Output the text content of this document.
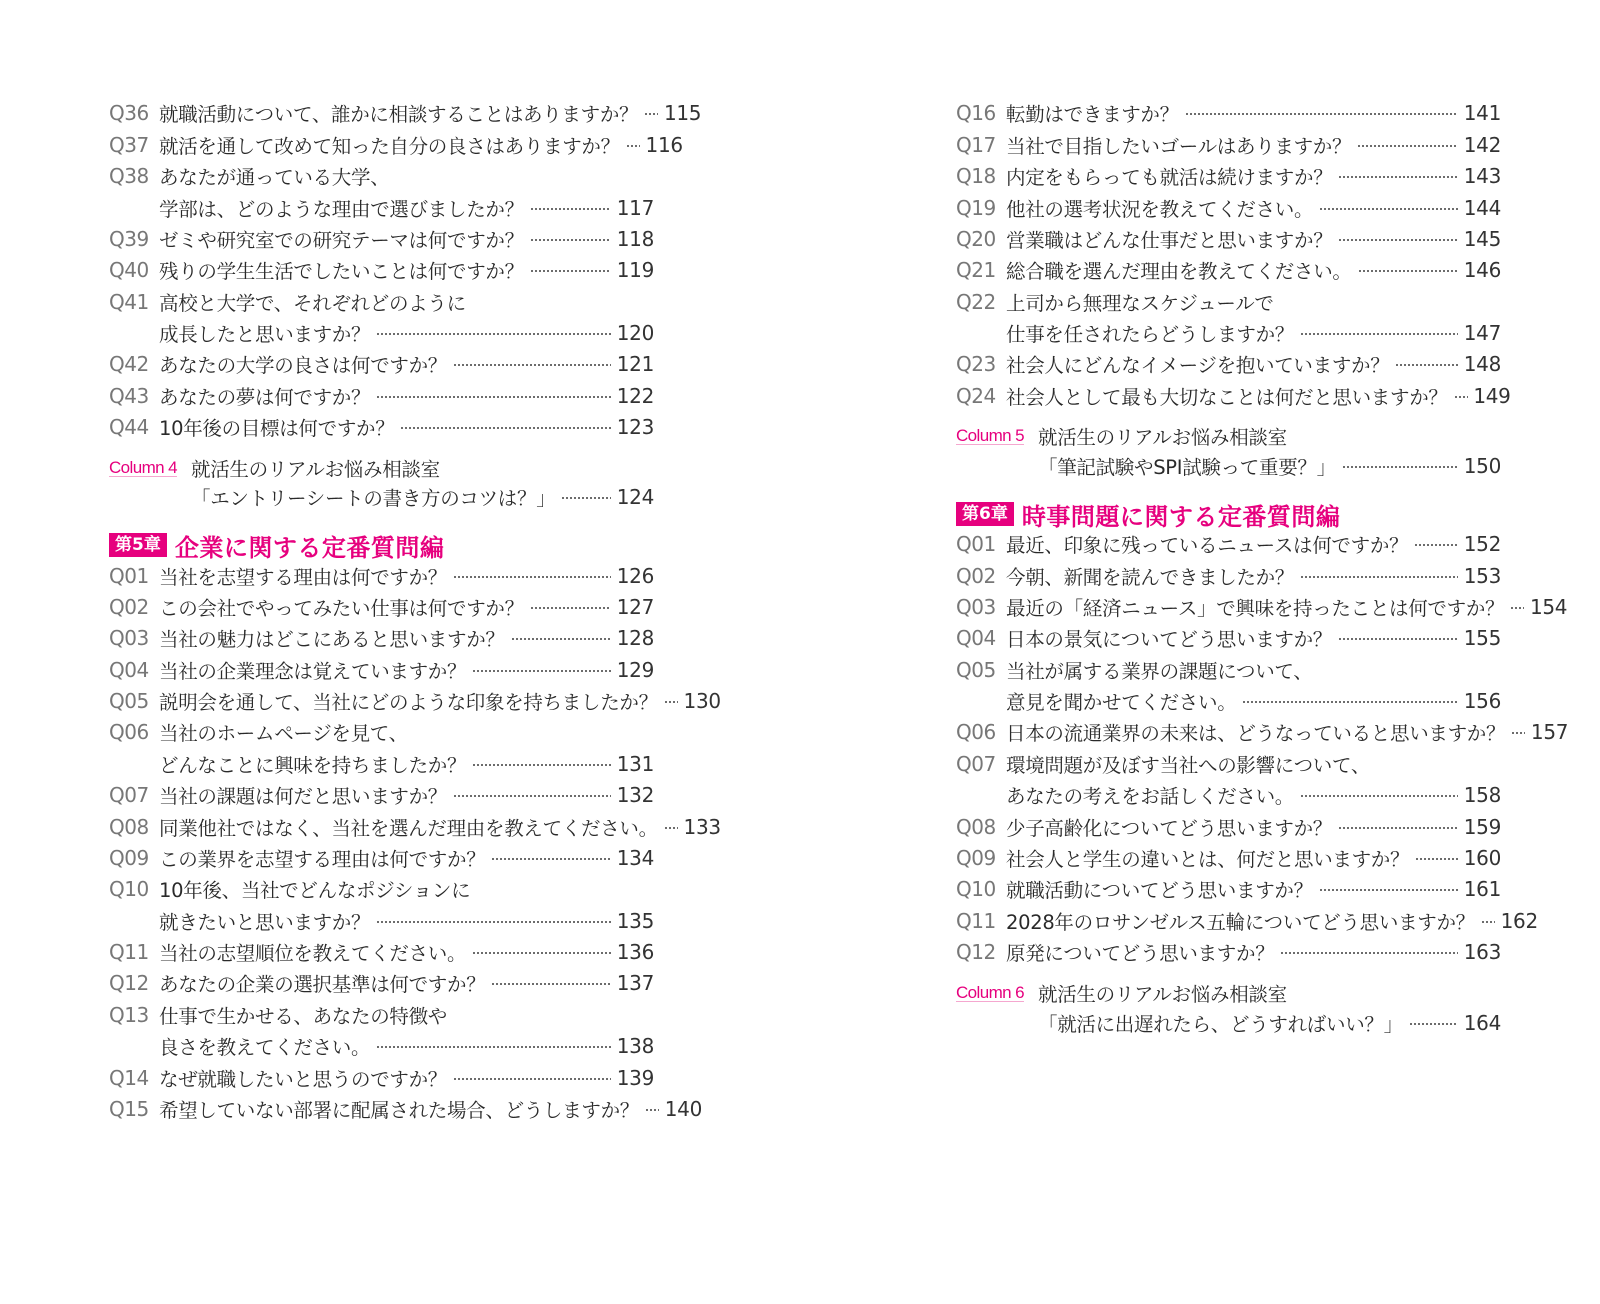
Q36 就職活動について、誰かに相談することはありますか？ 115
Q37 就活を通して改めて知った自分の良さはありますか？ 116
Q38 あなたが通っている大学、
学部は、どのような理由で選びましたか？	117
Q39 ゼミや研究室での研究テーマは何ですか？	118
Q40 残りの学生生活でしたいことは何ですか？	119
Q41 高校と大学で、それぞれどのように
成長したと思いますか？	120
Q42 あなたの大学の良さは何ですか？	121
Q43 あなたの夢は何ですか？	122
Q44 10年後の目標は何ですか？	123
Column 4 就活生のリアルお悩み相談室
「エントリーシートの書き方のコツは？」	124
第5章 企業に関する定番質問編
Q01 当社を志望する理由は何ですか？	126
Q02 この会社でやってみたい仕事は何ですか？	127
Q03 当社の魅力はどこにあると思いますか？	128
Q04 当社の企業理念は覚えていますか？	129
Q05 説明会を通して、当社にどのような印象を持ちましたか？ 130
Q06 当社のホームページを見て、
どんなことに興味を持ちましたか？	131
Q07 当社の課題は何だと思いますか？	132
Q08 同業他社ではなく、当社を選んだ理由を教えてください。 133
Q09 この業界を志望する理由は何ですか？	134
Q10 10年後、当社でどんなポジションに
就きたいと思いますか？	135
Q11 当社の志望順位を教えてください。	136
Q12 あなたの企業の選択基準は何ですか？	137
Q13 仕事で生かせる、あなたの特徴や
良さを教えてください。	138
Q14 なぜ就職したいと思うのですか？	139
Q15 希望していない部署に配属された場合、どうしますか？ 140
Q16 転勤はできますか？	141
Q17 当社で目指したいゴールはありますか？	142
Q18 内定をもらっても就活は続けますか？	143
Q19 他社の選考状況を教えてください。	144
Q20 営業職はどんな仕事だと思いますか？	145
Q21 総合職を選んだ理由を教えてください。	146
Q22 上司から無理なスケジュールで
仕事を任されたらどうしますか？	147
Q23 社会人にどんなイメージを抱いていますか？	148
Q24 社会人として最も大切なことは何だと思いますか？ 149
Column 5 就活生のリアルお悩み相談室
「筆記試験やSPI試験って重要？」	150
第6章 時事問題に関する定番質問編
Q01 最近、印象に残っているニュースは何ですか？	152
Q02 今朝、新聞を読んできましたか？	153
Q03 最近の「経済ニュース」で興味を持ったことは何ですか？ 154
Q04 日本の景気についてどう思いますか？	155
Q05 当社が属する業界の課題について、
意見を聞かせてください。	156
Q06 日本の流通業界の未来は、どうなっていると思いますか？ 157
Q07 環境問題が及ぼす当社への影響について、
あなたの考えをお話しください。	158
Q08 少子高齢化についてどう思いますか？	159
Q09 社会人と学生の違いとは、何だと思いますか？	160
Q10 就職活動についてどう思いますか？	161
Q11 2028年のロサンゼルス五輪についてどう思いますか？ 162
Q12 原発についてどう思いますか？	163
Column 6 就活生のリアルお悩み相談室
「就活に出遅れたら、どうすればいい？」	164
